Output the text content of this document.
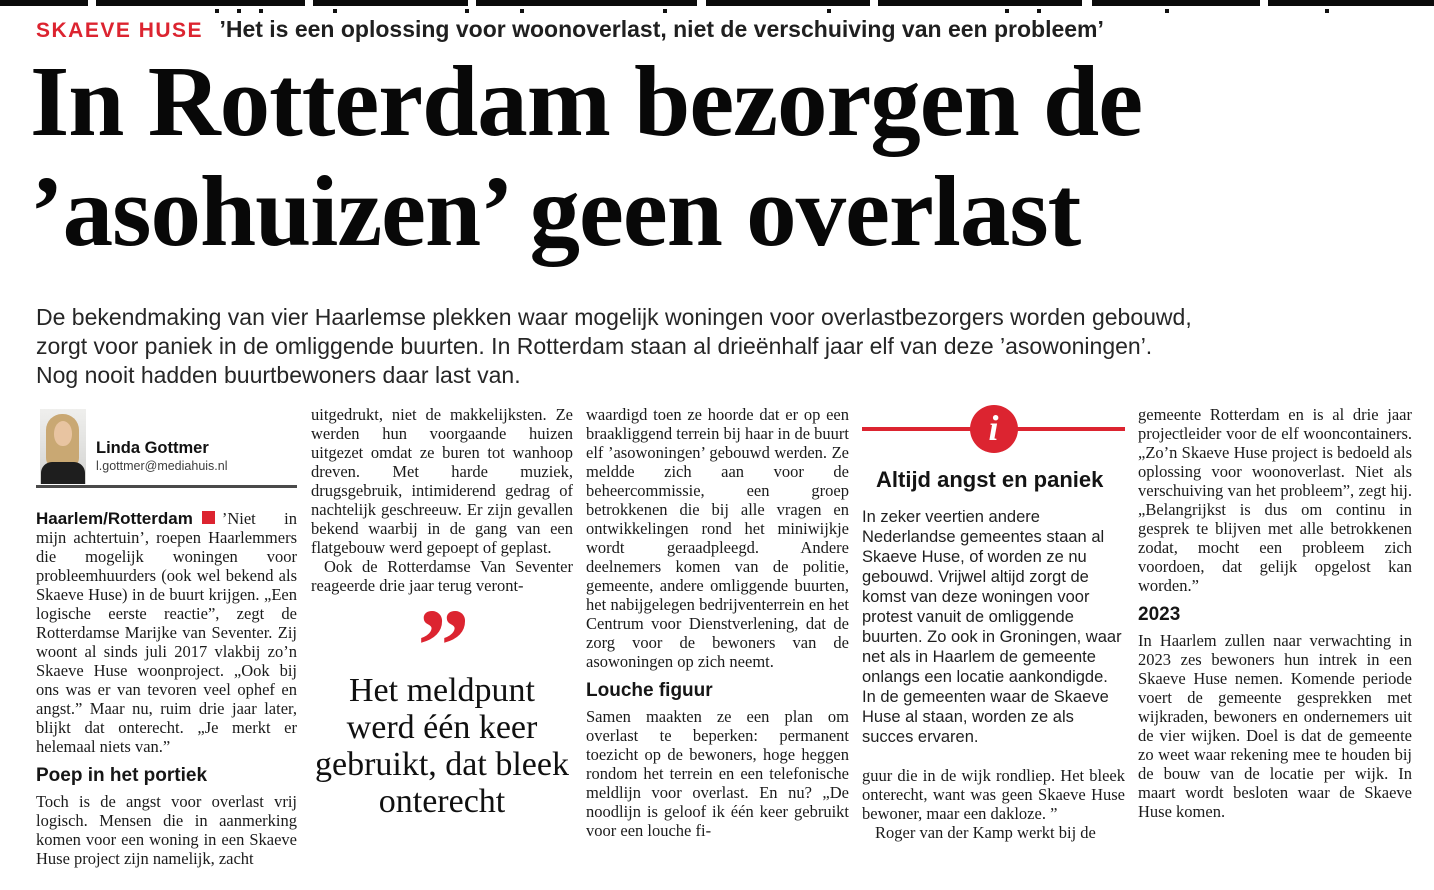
SKAEVE HUSE ’Het is een oplossing voor woonoverlast, niet de verschuiving van een probleem’
In Rotterdam bezorgen de
’asohuizen’ geen overlast
De bekendmaking van vier Haarlemse plekken waar mogelijk woningen voor overlastbezorgers worden gebouwd, zorgt voor paniek in de omliggende buurten. In Rotterdam staan al drieënhalf jaar elf van deze ’asowoningen’. Nog nooit hadden buurtbewoners daar last van.
Linda Gottmer
l.gottmer@mediahuis.nl

Haarlem/Rotterdam ’Niet in mijn achtertuin’, roepen Haarlemmers die mogelijk woningen voor probleemhuurders (ook wel bekend als Skaeve Huse) in de buurt krijgen. „Een logische eerste reactie”, zegt de Rotterdamse Marijke van Seventer. Zij woont al sinds juli 2017 vlakbij zo’n Skaeve Huse woonproject. „Ook bij ons was er van tevoren veel ophef en angst.” Maar nu, ruim drie jaar later, blijkt dat onterecht. „Je merkt er helemaal niets van.”

Poep in het portiek

Toch is de angst voor overlast vrij logisch. Mensen die in aanmerking komen voor een woning in een Skaeve Huse project zijn namelijk, zacht

uitgedrukt, niet de makkelijksten. Ze werden hun voorgaande huizen uitgezet omdat ze buren tot wanhoop dreven. Met harde muziek, drugsgebruik, intimiderend gedrag of nachtelijk geschreeuw. Er zijn gevallen bekend waarbij in de gang van een flatgebouw werd gepoept of geplast.

Ook de Rotterdamse Van Seventer reageerde drie jaar terug veront-

”
Het meldpunt werd één keer gebruikt, dat bleek onterecht

waardigd toen ze hoorde dat er op een braakliggend terrein bij haar in de buurt elf ’asowoningen’ gebouwd werden. Ze meldde zich aan voor de beheercommissie, een groep betrokkenen die bij alle vragen en ontwikkelingen rond het miniwijkje wordt geraadpleegd. Andere deelnemers komen van de politie, gemeente, andere omliggende buurten, het nabijgelegen bedrijventerrein en het Centrum voor Dienstverlening, dat de zorg voor de bewoners van de asowoningen op zich neemt.

Louche figuur

Samen maakten ze een plan om overlast te beperken: permanent toezicht op de bewoners, hoge heggen rondom het terrein en een telefonische meldlijn voor overlast. En nu? „De noodlijn is geloof ik één keer gebruikt voor een louche fi-

i
Altijd angst en paniek

In zeker veertien andere Nederlandse gemeentes staan al Skaeve Huse, of worden ze nu gebouwd. Vrijwel altijd zorgt de komst van deze woningen voor protest vanuit de omliggende buurten. Zo ook in Groningen, waar net als in Haarlem de gemeente onlangs een locatie aankondigde. In de gemeenten waar de Skaeve Huse al staan, worden ze als succes ervaren.

guur die in de wijk rondliep. Het bleek onterecht, want was geen Skaeve Huse bewoner, maar een dakloze. ”

Roger van der Kamp werkt bij de

gemeente Rotterdam en is al drie jaar projectleider voor de elf wooncontainers. „Zo’n Skaeve Huse project is bedoeld als oplossing voor woonoverlast. Niet als verschuiving van het probleem”, zegt hij. „Belangrijkst is dus om continu in gesprek te blijven met alle betrokkenen zodat, mocht een probleem zich voordoen, dat gelijk opgelost kan worden.”

2023

In Haarlem zullen naar verwachting in 2023 zes bewoners hun intrek in een Skaeve Huse nemen. Komende periode voert de gemeente gesprekken met wijkraden, bewoners en ondernemers uit de vier wijken. Doel is dat de gemeente zo weet waar rekening mee te houden bij de bouw van de locatie per wijk. In maart wordt besloten waar de Skaeve Huse komen.
